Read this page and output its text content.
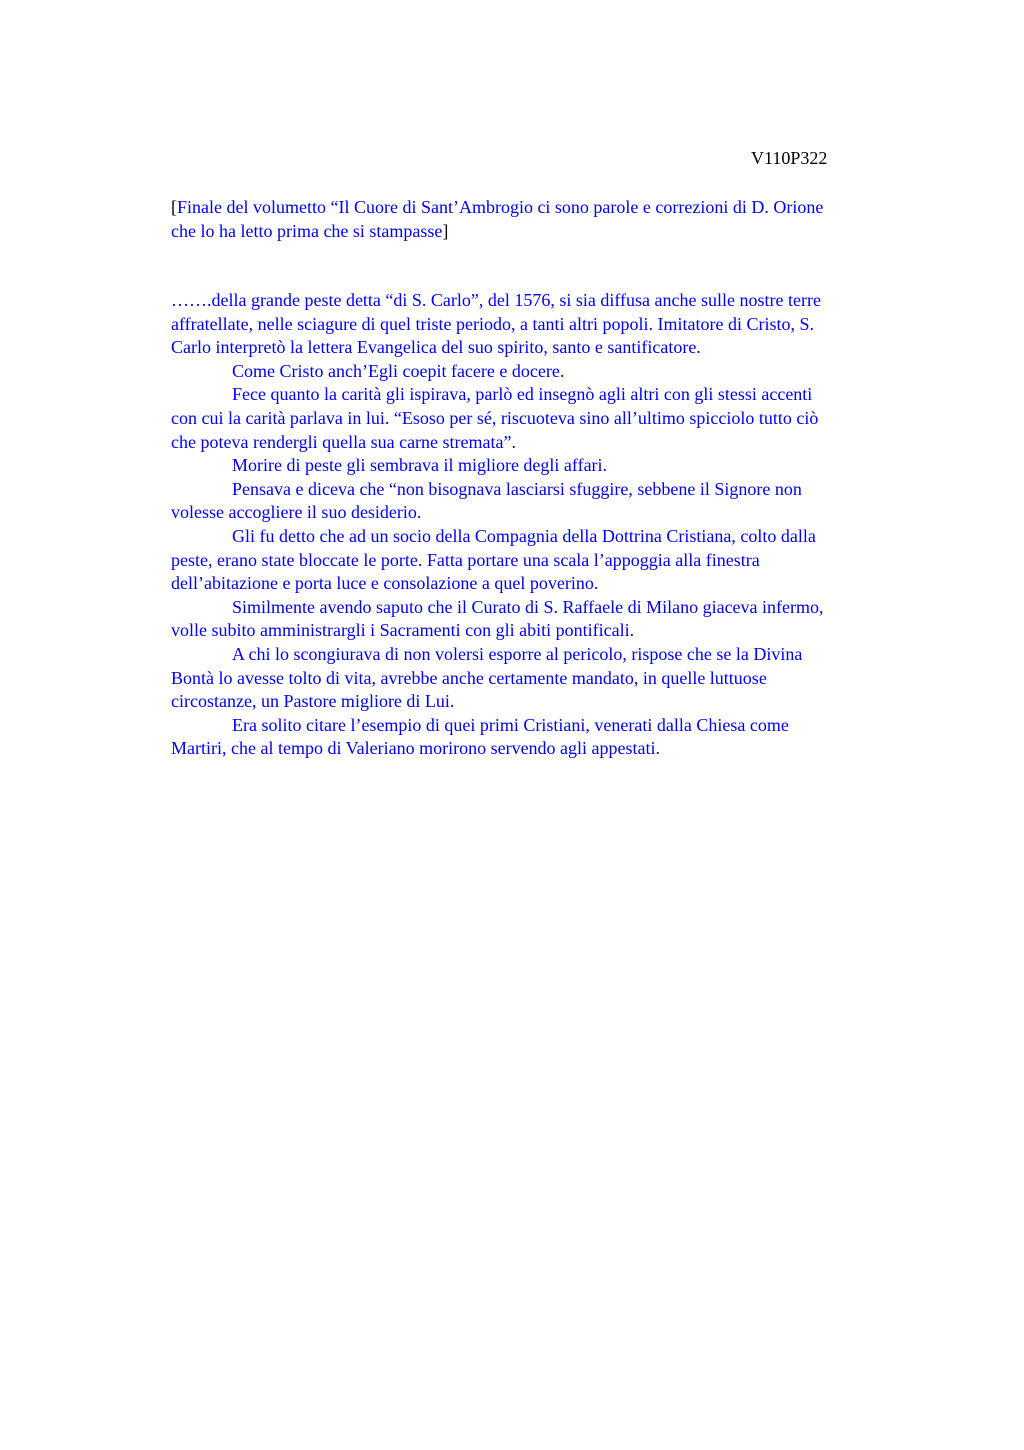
V110P322
[Finale del volumetto “Il Cuore di Sant’Ambrogio ci sono parole e correzioni di D. Orione
che lo ha letto prima che si stampasse]
…….della grande peste detta “di S. Carlo”, del 1576, si sia diffusa anche sulle nostre terre
affratellate, nelle sciagure di quel triste periodo, a tanti altri popoli. Imitatore di Cristo, S.
Carlo interpretò la lettera Evangelica del suo spirito, santo e santificatore.
Come Cristo anch’Egli coepit facere e docere.
Fece quanto la carità gli ispirava, parlò ed insegnò agli altri con gli stessi accenti
con cui la carità parlava in lui. “Esoso per sé, riscuoteva sino all’ultimo spicciolo tutto ciò
che poteva rendergli quella sua carne stremata”.
Morire di peste gli sembrava il migliore degli affari.
Pensava e diceva che “non bisognava lasciarsi sfuggire, sebbene il Signore non
volesse accogliere il suo desiderio.
Gli fu detto che ad un socio della Compagnia della Dottrina Cristiana, colto dalla
peste, erano state bloccate le porte. Fatta portare una scala l’appoggia alla finestra
dell’abitazione e porta luce e consolazione a quel poverino.
Similmente avendo saputo che il Curato di S. Raffaele di Milano giaceva infermo,
volle subito amministrargli i Sacramenti con gli abiti pontificali.
A chi lo scongiurava di non volersi esporre al pericolo, rispose che se la Divina
Bontà lo avesse tolto di vita, avrebbe anche certamente mandato, in quelle luttuose
circostanze, un Pastore migliore di Lui.
Era solito citare l’esempio di quei primi Cristiani, venerati dalla Chiesa come
Martiri, che al tempo di Valeriano morirono servendo agli appestati.
